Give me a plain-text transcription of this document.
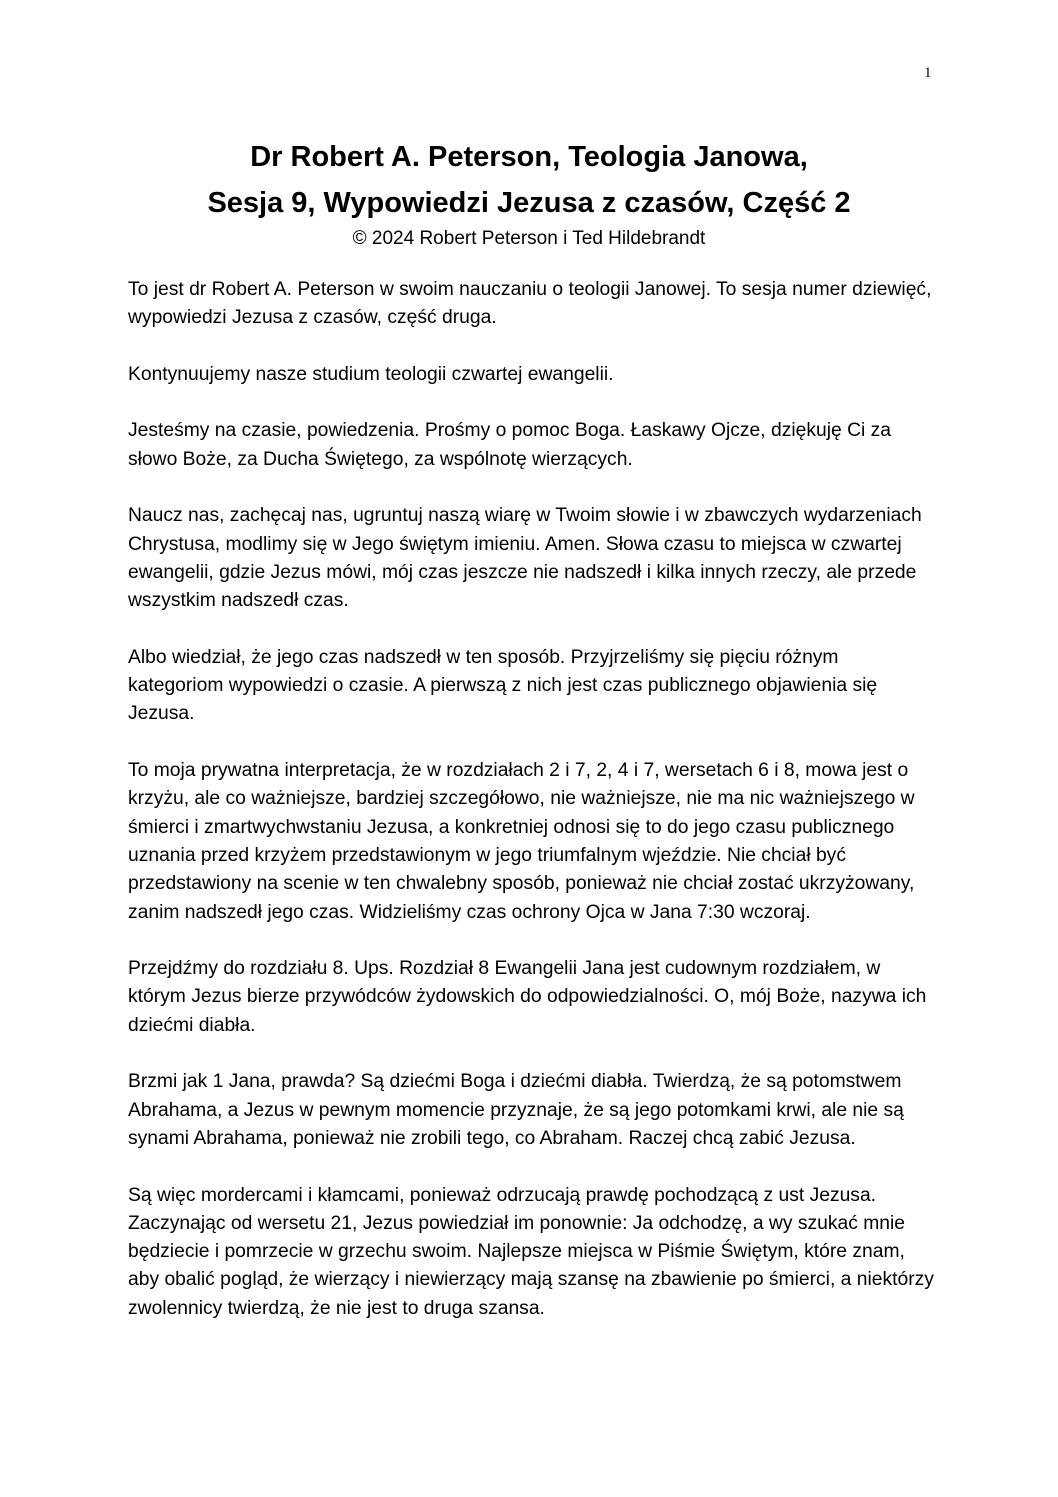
1
Dr Robert A. Peterson, Teologia Janowa,
Sesja 9, Wypowiedzi Jezusa z czasów, Część 2
© 2024 Robert Peterson i Ted Hildebrandt

To jest dr Robert A. Peterson w swoim nauczaniu o teologii Janowej. To sesja numer dziewięć, wypowiedzi Jezusa z czasów, część druga.

Kontynuujemy nasze studium teologii czwartej ewangelii.

Jesteśmy na czasie, powiedzenia. Prośmy o pomoc Boga. Łaskawy Ojcze, dziękuję Ci za słowo Boże, za Ducha Świętego, za wspólnotę wierzących.

Naucz nas, zachęcaj nas, ugruntuj naszą wiarę w Twoim słowie i w zbawczych wydarzeniach Chrystusa, modlimy się w Jego świętym imieniu. Amen. Słowa czasu to miejsca w czwartej ewangelii, gdzie Jezus mówi, mój czas jeszcze nie nadszedł i kilka innych rzeczy, ale przede wszystkim nadszedł czas.

Albo wiedział, że jego czas nadszedł w ten sposób. Przyjrzeliśmy się pięciu różnym kategoriom wypowiedzi o czasie. A pierwszą z nich jest czas publicznego objawienia się Jezusa.

To moja prywatna interpretacja, że w rozdziałach 2 i 7, 2, 4 i 7, wersetach 6 i 8, mowa jest o krzyżu, ale co ważniejsze, bardziej szczegółowo, nie ważniejsze, nie ma nic ważniejszego w śmierci i zmartwychwstaniu Jezusa, a konkretniej odnosi się to do jego czasu publicznego uznania przed krzyżem przedstawionym w jego triumfalnym wjeździe. Nie chciał być przedstawiony na scenie w ten chwalebny sposób, ponieważ nie chciał zostać ukrzyżowany, zanim nadszedł jego czas. Widzieliśmy czas ochrony Ojca w Jana 7:30 wczoraj.

Przejdźmy do rozdziału 8. Ups. Rozdział 8 Ewangelii Jana jest cudownym rozdziałem, w którym Jezus bierze przywódców żydowskich do odpowiedzialności. O, mój Boże, nazywa ich dziećmi diabła.

Brzmi jak 1 Jana, prawda? Są dziećmi Boga i dziećmi diabła. Twierdzą, że są potomstwem Abrahama, a Jezus w pewnym momencie przyznaje, że są jego potomkami krwi, ale nie są synami Abrahama, ponieważ nie zrobili tego, co Abraham. Raczej chcą zabić Jezusa.

Są więc mordercami i kłamcami, ponieważ odrzucają prawdę pochodzącą z ust Jezusa. Zaczynając od wersetu 21, Jezus powiedział im ponownie: Ja odchodzę, a wy szukać mnie będziecie i pomrzecie w grzechu swoim. Najlepsze miejsca w Piśmie Świętym, które znam, aby obalić pogląd, że wierzący i niewierzący mają szansę na zbawienie po śmierci, a niektórzy zwolennicy twierdzą, że nie jest to druga szansa.
